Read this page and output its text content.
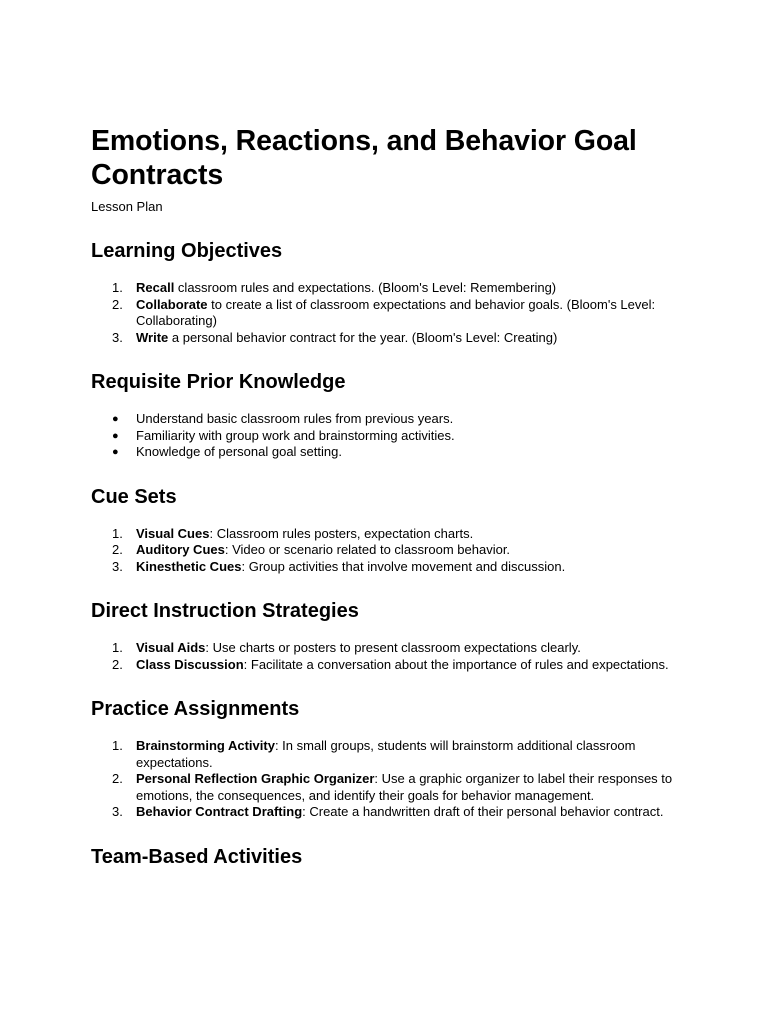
Emotions, Reactions, and Behavior Goal Contracts
Lesson Plan
Learning Objectives
1. Recall classroom rules and expectations. (Bloom's Level: Remembering)
2. Collaborate to create a list of classroom expectations and behavior goals. (Bloom's Level: Collaborating)
3. Write a personal behavior contract for the year. (Bloom's Level: Creating)
Requisite Prior Knowledge
● Understand basic classroom rules from previous years.
● Familiarity with group work and brainstorming activities.
● Knowledge of personal goal setting.
Cue Sets
1. Visual Cues: Classroom rules posters, expectation charts.
2. Auditory Cues: Video or scenario related to classroom behavior.
3. Kinesthetic Cues: Group activities that involve movement and discussion.
Direct Instruction Strategies
1. Visual Aids: Use charts or posters to present classroom expectations clearly.
2. Class Discussion: Facilitate a conversation about the importance of rules and expectations.
Practice Assignments
1. Brainstorming Activity: In small groups, students will brainstorm additional classroom expectations.
2. Personal Reflection Graphic Organizer: Use a graphic organizer to label their responses to emotions, the consequences, and identify their goals for behavior management.
3. Behavior Contract Drafting: Create a handwritten draft of their personal behavior contract.
Team-Based Activities
